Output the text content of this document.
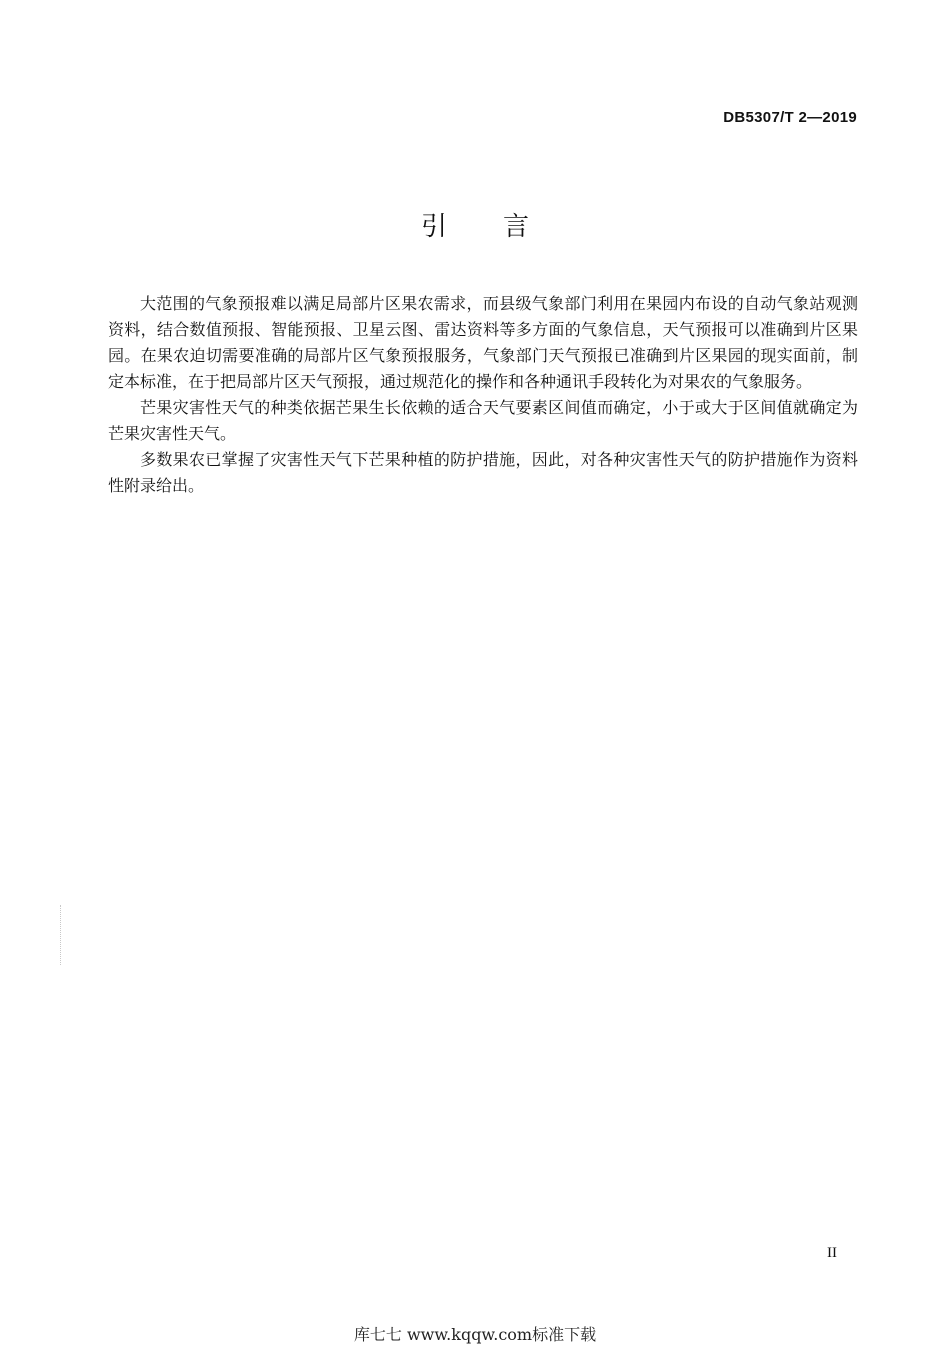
DB5307/T 2—2019
引 言

大范围的气象预报难以满足局部片区果农需求，而县级气象部门利用在果园内布设的自动气象站观测资料，结合数值预报、智能预报、卫星云图、雷达资料等多方面的气象信息，天气预报可以准确到片区果园。在果农迫切需要准确的局部片区气象预报服务，气象部门天气预报已准确到片区果园的现实面前，制定本标准，在于把局部片区天气预报，通过规范化的操作和各种通讯手段转化为对果农的气象服务。

芒果灾害性天气的种类依据芒果生长依赖的适合天气要素区间值而确定，小于或大于区间值就确定为芒果灾害性天气。

多数果农已掌握了灾害性天气下芒果种植的防护措施，因此，对各种灾害性天气的防护措施作为资料性附录给出。

II
库七七 www.kqqw.com标准下载
